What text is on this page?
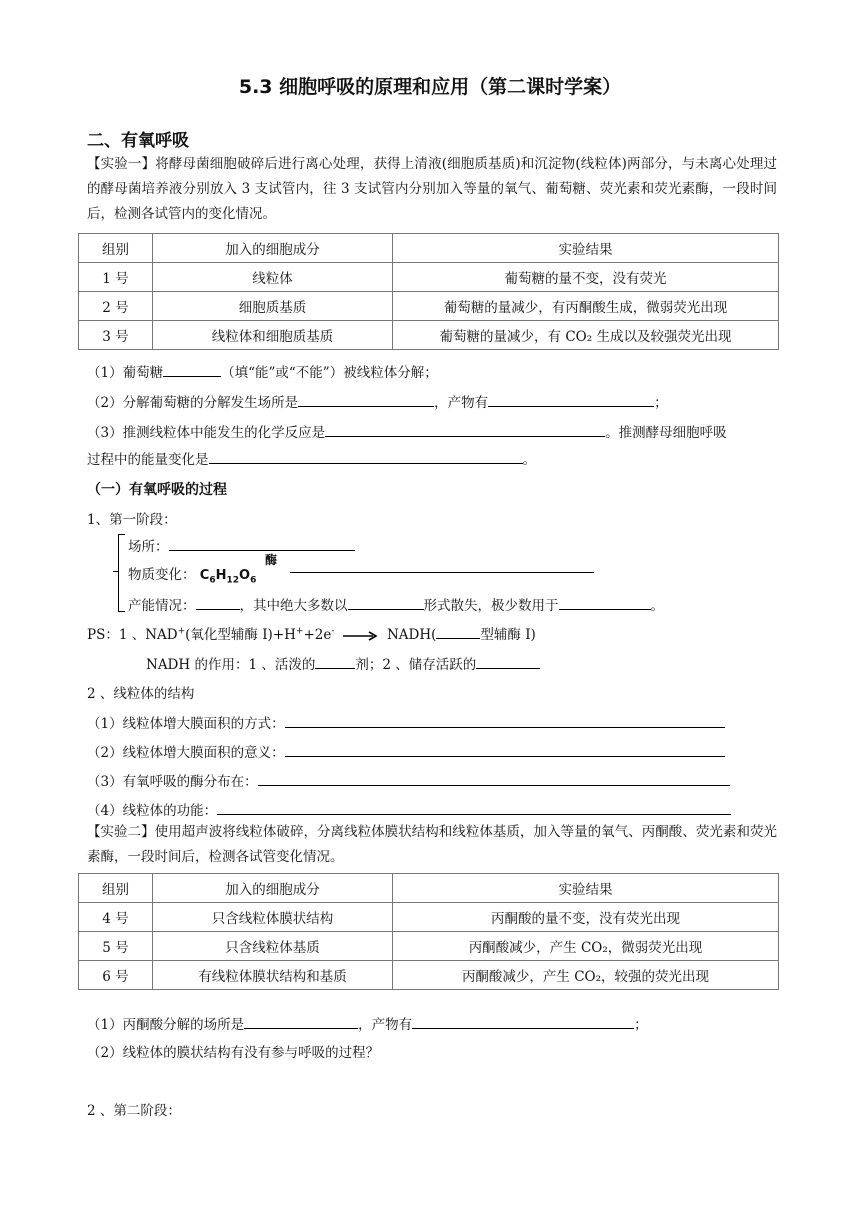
5.3 细胞呼吸的原理和应用（第二课时学案）
二、有氧呼吸
【实验一】将酵母菌细胞破碎后进行离心处理，获得上清液(细胞质基质)和沉淀物(线粒体)两部分，与未离心处理过的酵母菌培养液分别放入 3 支试管内，往 3 支试管内分别加入等量的氧气、葡萄糖、荧光素和荧光素酶，一段时间后，检测各试管内的变化情况。
组别	加入的细胞成分	实验结果
1 号	线粒体	葡萄糖的量不变，没有荧光
2 号	细胞质基质	葡萄糖的量减少，有丙酮酸生成，微弱荧光出现
3 号	线粒体和细胞质基质	葡萄糖的量减少，有 CO₂ 生成以及较强荧光出现
（1）葡萄糖	（填“能”或“不能”）被线粒体分解；
（2）分解葡萄糖的分解发生场所是	，产物有	；
（3）推测线粒体中能发生的化学反应是	。推测酵母细胞呼吸
过程中的能量变化是	。
（一）有氧呼吸的过程
1、第一阶段：
场所：
物质变化： $C_6H_{12}O_6$
酶
产能情况：	，其中绝大多数以	形式散失，极少数用于	。
PS：1 、NAD+(氧化型辅酶 I)+H++2e-	NADH(	型辅酶 I)
NADH 的作用：1 、活泼的	剂；2 、储存活跃的
2 、线粒体的结构
（1）线粒体增大膜面积的方式：
（2）线粒体增大膜面积的意义：
（3）有氧呼吸的酶分布在：
（4）线粒体的功能：
【实验二】使用超声波将线粒体破碎，分离线粒体膜状结构和线粒体基质，加入等量的氧气、丙酮酸、荧光素和荧光素酶，一段时间后，检测各试管变化情况。
组别	加入的细胞成分	实验结果
4 号	只含线粒体膜状结构	丙酮酸的量不变，没有荧光出现
5 号	只含线粒体基质	丙酮酸减少，产生 CO₂，微弱荧光出现
6 号	有线粒体膜状结构和基质	丙酮酸减少，产生 CO₂，较强的荧光出现
（1）丙酮酸分解的场所是	，产物有	；
（2）线粒体的膜状结构有没有参与呼吸的过程？
2 、第二阶段：
